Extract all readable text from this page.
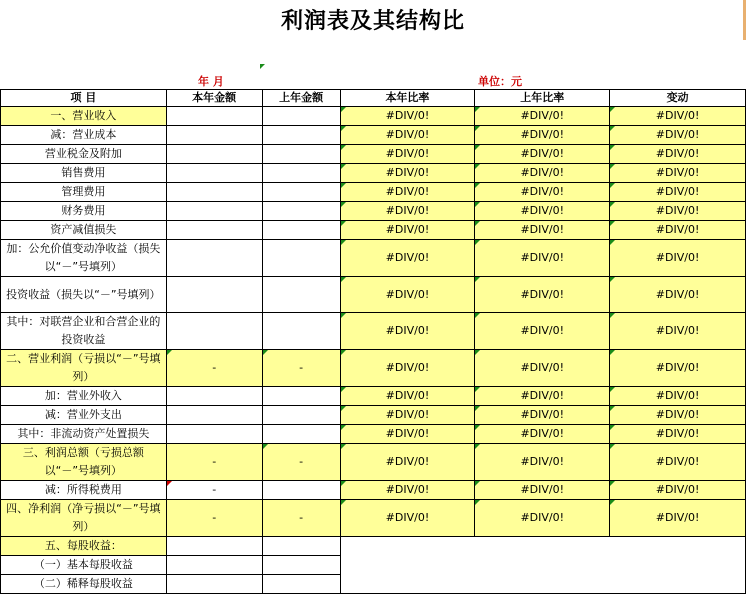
利润表及其结构比
年 月	单位：元
项 目	本年金额	上年金额	本年比率	上年比率	变动
一、营业收入			#DIV/0!	#DIV/0!	#DIV/0!

减：营业成本			#DIV/0!	#DIV/0!	#DIV/0!

营业税金及附加			#DIV/0!	#DIV/0!	#DIV/0!

销售费用			#DIV/0!	#DIV/0!	#DIV/0!

管理费用			#DIV/0!	#DIV/0!	#DIV/0!

财务费用			#DIV/0!	#DIV/0!	#DIV/0!

资产减值损失			#DIV/0!	#DIV/0!	#DIV/0!

加：公允价值变动净收益（损失以“－”号填列）			#DIV/0!	#DIV/0!	#DIV/0!

投资收益（损失以“－”号填列）			#DIV/0!	#DIV/0!	#DIV/0!

其中：对联营企业和合营企业的投资收益			#DIV/0!	#DIV/0!	#DIV/0!

二、营业利润（亏损以“－”号填列）	-	-	#DIV/0!	#DIV/0!	#DIV/0!

加：营业外收入			#DIV/0!	#DIV/0!	#DIV/0!

减：营业外支出			#DIV/0!	#DIV/0!	#DIV/0!

其中：非流动资产处置损失			#DIV/0!	#DIV/0!	#DIV/0!

三、利润总额（亏损总额以“－”号填列）	-	-	#DIV/0!	#DIV/0!	#DIV/0!

减：所得税费用	-		#DIV/0!	#DIV/0!	#DIV/0!

四、净利润（净亏损以“－”号填列）	-	-	#DIV/0!	#DIV/0!	#DIV/0!

五、每股收益：					
（一）基本每股收益					
（二）稀释每股收益					
